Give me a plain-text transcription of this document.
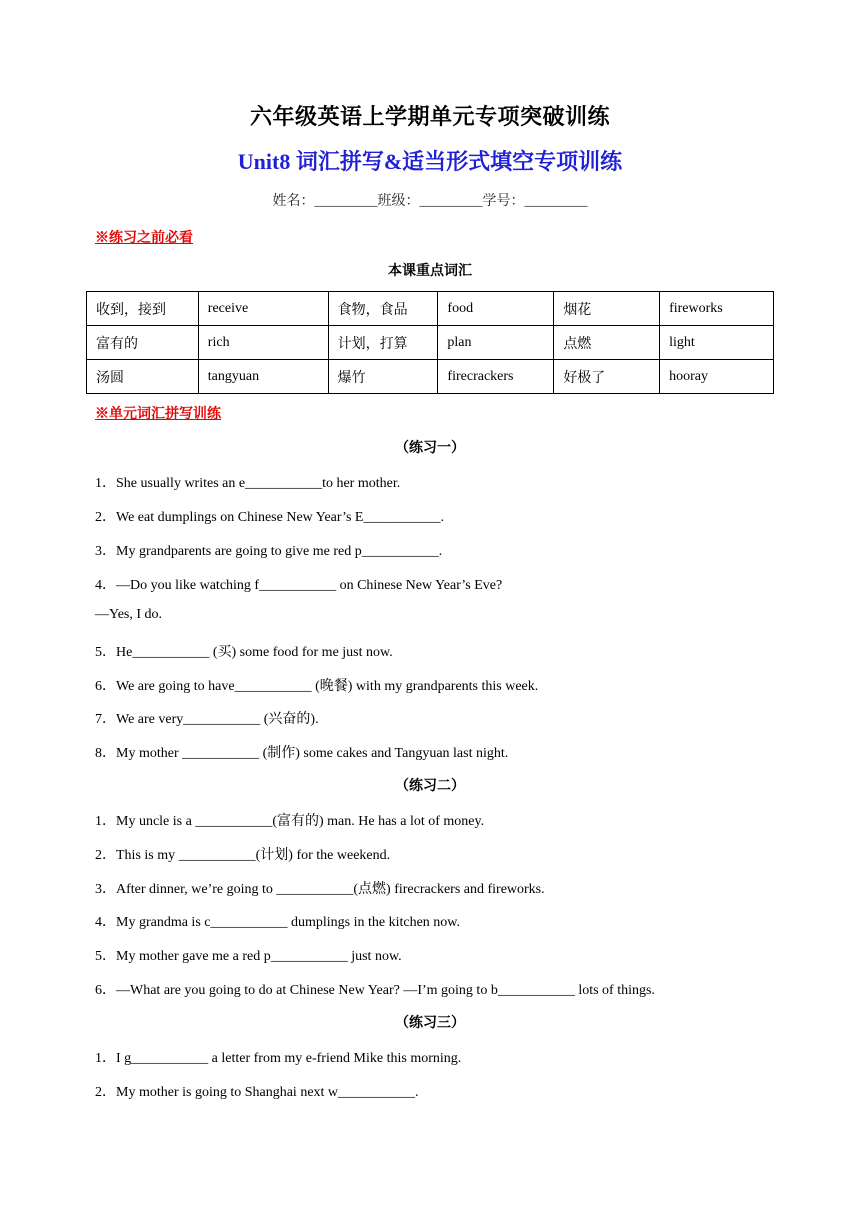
六年级英语上学期单元专项突破训练
Unit8 词汇拼写&适当形式填空专项训练
姓名：_________班级：_________学号：_________
※练习之前必看
本课重点词汇
收到，接到	receive	食物，食品	food	烟花	fireworks
富有的	rich	计划，打算	plan	点燃	light
汤圆	tangyuan	爆竹	firecrackers	好极了	hooray
※单元词汇拼写训练
（练习一）
1．She usually writes an e___________to her mother.
2．We eat dumplings on Chinese New Year’s E___________.
3．My grandparents are going to give me red p___________.
4．—Do you like watching f___________ on Chinese New Year’s Eve?
—Yes, I do.
5．He___________ (买) some food for me just now.
6．We are going to have___________ (晚餐) with my grandparents this week.
7．We are very___________ (兴奋的).
8．My mother ___________ (制作) some cakes and Tangyuan last night.
（练习二）
1．My uncle is a ___________(富有的) man. He has a lot of money.
2．This is my ___________(计划) for the weekend.
3．After dinner, we’re going to ___________(点燃) firecrackers and fireworks.
4．My grandma is c___________ dumplings in the kitchen now.
5．My mother gave me a red p___________ just now.
6．—What are you going to do at Chinese New Year? —I’m going to b___________ lots of things.
（练习三）
1．I g___________ a letter from my e-friend Mike this morning.
2．My mother is going to Shanghai next w___________.
